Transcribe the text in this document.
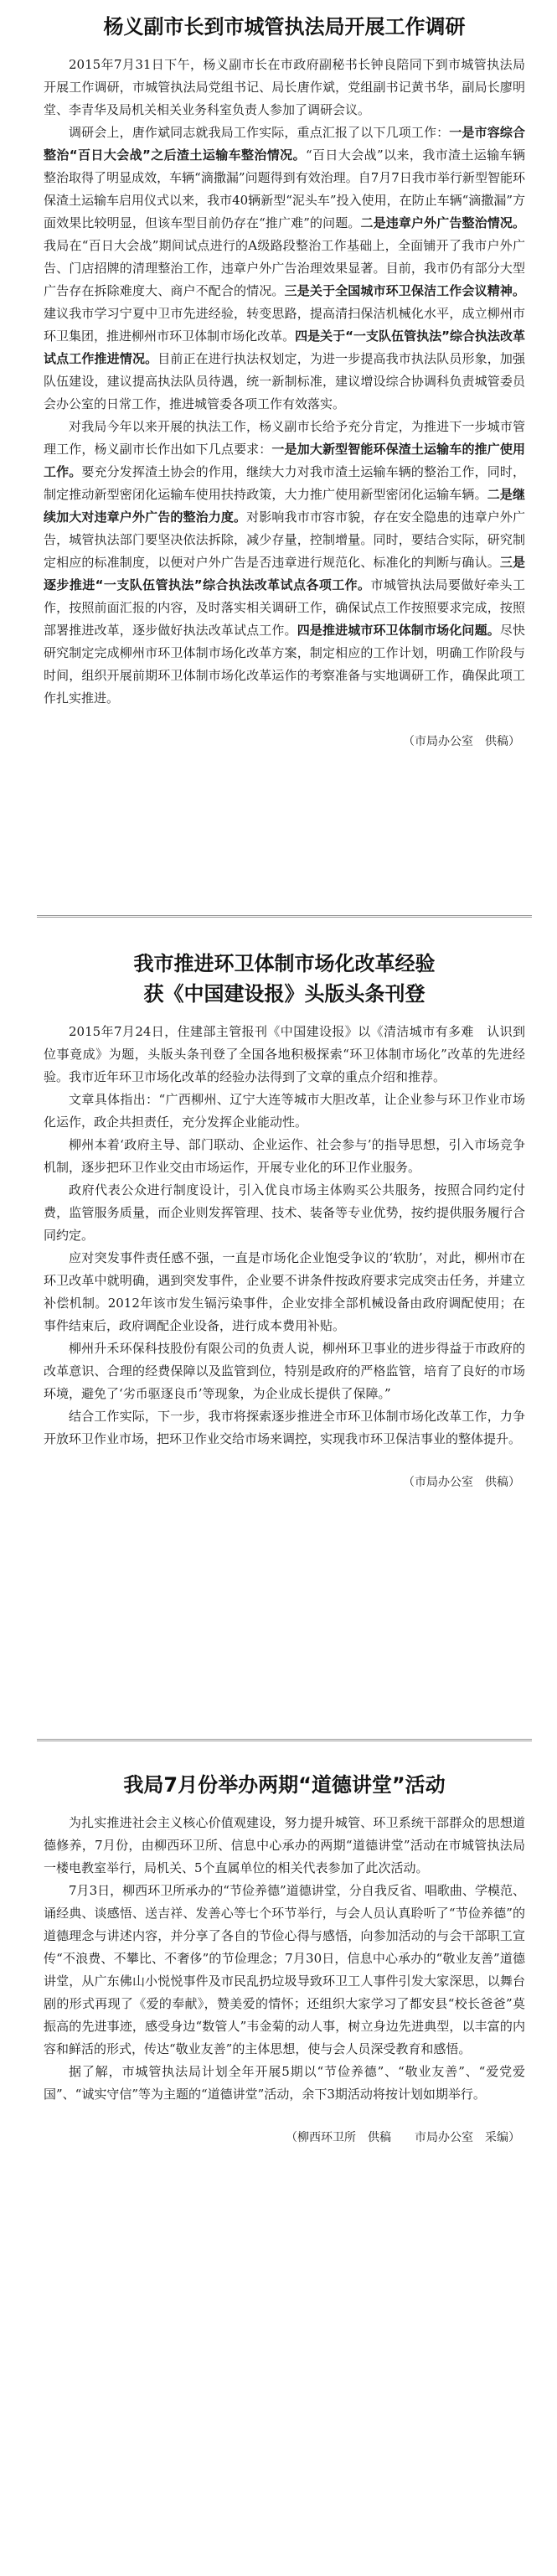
杨义副市长到市城管执法局开展工作调研

2015年7月31日下午，杨义副市长在市政府副秘书长钟良陪同下到市城管执法局开展工作调研，市城管执法局党组书记、局长唐作斌，党组副书记黄书华，副局长廖明堂、李青华及局机关相关业务科室负责人参加了调研会议。

调研会上，唐作斌同志就我局工作实际，重点汇报了以下几项工作：一是市容综合整治“百日大会战”之后渣土运输车整治情况。“百日大会战”以来，我市渣土运输车辆整治取得了明显成效，车辆“滴撒漏”问题得到有效治理。自7月7日我市举行新型智能环保渣土运输车启用仪式以来，我市40辆新型“泥头车”投入使用，在防止车辆“滴撒漏”方面效果比较明显，但该车型目前仍存在“推广难”的问题。二是违章户外广告整治情况。我局在“百日大会战”期间试点进行的A级路段整治工作基础上，全面铺开了我市户外广告、门店招牌的清理整治工作，违章户外广告治理效果显著。目前，我市仍有部分大型广告存在拆除难度大、商户不配合的情况。三是关于全国城市环卫保洁工作会议精神。建议我市学习宁夏中卫市先进经验，转变思路，提高清扫保洁机械化水平，成立柳州市环卫集团，推进柳州市环卫体制市场化改革。四是关于“一支队伍管执法”综合执法改革试点工作推进情况。目前正在进行执法权划定，为进一步提高我市执法队员形象，加强队伍建设，建议提高执法队员待遇，统一新制标准，建议增设综合协调科负责城管委员会办公室的日常工作，推进城管委各项工作有效落实。

对我局今年以来开展的执法工作，杨义副市长给予充分肯定，为推进下一步城市管理工作，杨义副市长作出如下几点要求：一是加大新型智能环保渣土运输车的推广使用工作。要充分发挥渣土协会的作用，继续大力对我市渣土运输车辆的整治工作，同时，制定推动新型密闭化运输车使用扶持政策，大力推广使用新型密闭化运输车辆。二是继续加大对违章户外广告的整治力度。对影响我市市容市貌，存在安全隐患的违章户外广告，城管执法部门要坚决依法拆除，减少存量，控制增量。同时，要结合实际，研究制定相应的标准制度，以便对户外广告是否违章进行规范化、标准化的判断与确认。三是逐步推进“一支队伍管执法”综合执法改革试点各项工作。市城管执法局要做好牵头工作，按照前面汇报的内容，及时落实相关调研工作，确保试点工作按照要求完成，按照部署推进改革，逐步做好执法改革试点工作。四是推进城市环卫体制市场化问题。尽快研究制定完成柳州市环卫体制市场化改革方案，制定相应的工作计划，明确工作阶段与时间，组织开展前期环卫体制市场化改革运作的考察准备与实地调研工作，确保此项工作扎实推进。

（市局办公室　供稿）
我市推进环卫体制市场化改革经验
获《中国建设报》头版头条刊登

2015年7月24日，住建部主管报刊《中国建设报》以《清洁城市有多难　认识到位事竟成》为题，头版头条刊登了全国各地积极探索“环卫体制市场化”改革的先进经验。我市近年环卫市场化改革的经验办法得到了文章的重点介绍和推荐。

文章具体指出：“广西柳州、辽宁大连等城市大胆改革，让企业参与环卫作业市场化运作，政企共担责任，充分发挥企业能动性。

柳州本着‘政府主导、部门联动、企业运作、社会参与’的指导思想，引入市场竞争机制，逐步把环卫作业交由市场运作，开展专业化的环卫作业服务。

政府代表公众进行制度设计，引入优良市场主体购买公共服务，按照合同约定付费，监管服务质量，而企业则发挥管理、技术、装备等专业优势，按约提供服务履行合同约定。

应对突发事件责任感不强，一直是市场化企业饱受争议的‘软肋’，对此，柳州市在环卫改革中就明确，遇到突发事件，企业要不讲条件按政府要求完成突击任务，并建立补偿机制。2012年该市发生镉污染事件，企业安排全部机械设备由政府调配使用；在事件结束后，政府调配企业设备，进行成本费用补贴。

柳州升禾环保科技股份有限公司的负责人说，柳州环卫事业的进步得益于市政府的改革意识、合理的经费保障以及监管到位，特别是政府的严格监管，培育了良好的市场环境，避免了‘劣币驱逐良币’等现象，为企业成长提供了保障。”

结合工作实际，下一步，我市将探索逐步推进全市环卫体制市场化改革工作，力争开放环卫作业市场，把环卫作业交给市场来调控，实现我市环卫保洁事业的整体提升。

（市局办公室　供稿）
我局7月份举办两期“道德讲堂”活动

为扎实推进社会主义核心价值观建设，努力提升城管、环卫系统干部群众的思想道德修养，7月份，由柳西环卫所、信息中心承办的两期“道德讲堂”活动在市城管执法局一楼电教室举行，局机关、5个直属单位的相关代表参加了此次活动。

7月3日，柳西环卫所承办的“节俭养德”道德讲堂，分自我反省、唱歌曲、学模范、诵经典、谈感悟、送吉祥、发善心等七个环节举行，与会人员认真聆听了“节俭养德”的道德理念与讲述内容，并分享了各自的节俭心得与感悟，向参加活动的与会干部职工宣传“不浪费、不攀比、不奢侈”的节俭理念；7月30日，信息中心承办的“敬业友善”道德讲堂，从广东佛山小悦悦事件及市民乱扔垃圾导致环卫工人事件引发大家深思，以舞台剧的形式再现了《爱的奉献》，赞美爱的情怀；还组织大家学习了都安县“校长爸爸”莫振高的先进事迹，感受身边“数管人”韦金菊的动人事，树立身边先进典型，以丰富的内容和鲜活的形式，传达“敬业友善”的主体思想，使与会人员深受教育和感悟。

据了解，市城管执法局计划全年开展5期以“节俭养德”、“敬业友善”、“爱党爱国”、“诚实守信”等为主题的“道德讲堂”活动，余下3期活动将按计划如期举行。

（柳西环卫所　供稿　　市局办公室　采编）
